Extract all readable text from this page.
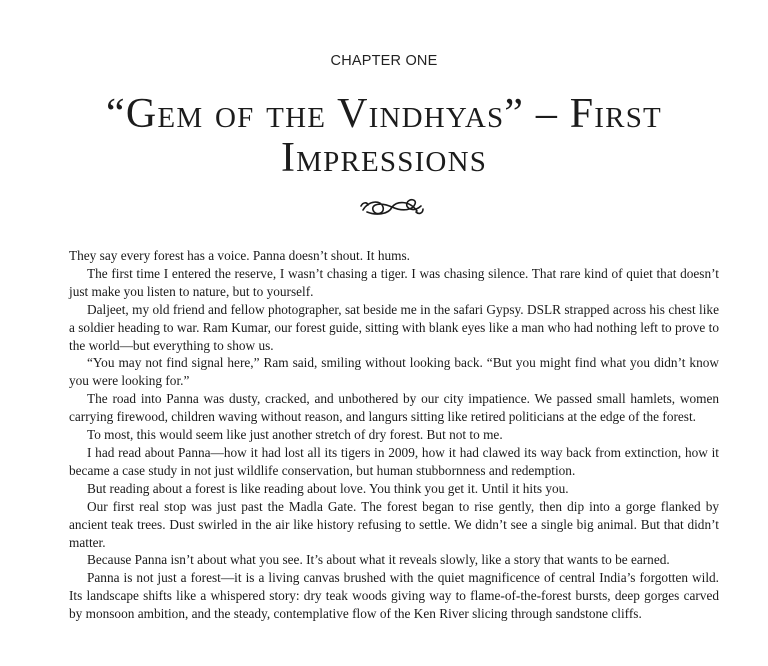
CHAPTER ONE
“Gem of the Vindhyas” – First Impressions

They say every forest has a voice. Panna doesn’t shout. It hums.

The first time I entered the reserve, I wasn’t chasing a tiger. I was chasing silence. That rare kind of quiet that doesn’t just make you listen to nature, but to yourself.

Daljeet, my old friend and fellow photographer, sat beside me in the safari Gypsy. DSLR strapped across his chest like a soldier heading to war. Ram Kumar, our forest guide, sitting with blank eyes like a man who had nothing left to prove to the world—but everything to show us.

“You may not find signal here,” Ram said, smiling without looking back. “But you might find what you didn’t know you were looking for.”

The road into Panna was dusty, cracked, and unbothered by our city impatience. We passed small hamlets, women carrying firewood, children waving without reason, and langurs sitting like retired politicians at the edge of the forest.

To most, this would seem like just another stretch of dry forest. But not to me.

I had read about Panna—how it had lost all its tigers in 2009, how it had clawed its way back from extinction, how it became a case study in not just wildlife conservation, but human stubbornness and redemption.

But reading about a forest is like reading about love. You think you get it. Until it hits you.

Our first real stop was just past the Madla Gate. The forest began to rise gently, then dip into a gorge flanked by ancient teak trees. Dust swirled in the air like history refusing to settle. We didn’t see a single big animal. But that didn’t matter.

Because Panna isn’t about what you see. It’s about what it reveals slowly, like a story that wants to be earned.

Panna is not just a forest—it is a living canvas brushed with the quiet magnificence of central India’s forgotten wild. Its landscape shifts like a whispered story: dry teak woods giving way to flame-of-the-forest bursts, deep gorges carved by monsoon ambition, and the steady, contemplative flow of the Ken River slicing through sandstone cliffs.
